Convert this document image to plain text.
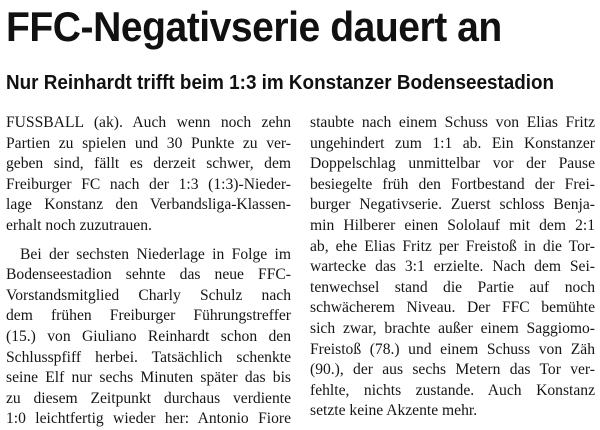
FFC-Negativserie dauert an
Nur Reinhardt trifft beim 1:3 im Konstanzer Bodenseestadion
FUSSBALL (ak). Auch wenn noch zehn
Partien zu spielen und 30 Punkte zu ver-
geben sind, fällt es derzeit schwer, dem
Freiburger FC nach der 1:3 (1:3)-Nieder-
lage Konstanz den Verbandsliga-Klassen-
erhalt noch zuzutrauen.
Bei der sechsten Niederlage in Folge im
Bodenseestadion sehnte das neue FFC-
Vorstandsmitglied Charly Schulz nach
dem frühen Freiburger Führungstreffer
(15.) von Giuliano Reinhardt schon den
Schlusspfiff herbei. Tatsächlich schenkte
seine Elf nur sechs Minuten später das bis
zu diesem Zeitpunkt durchaus verdiente
1:0 leichtfertig wieder her: Antonio Fiore
staubte nach einem Schuss von Elias Fritz
ungehindert zum 1:1 ab. Ein Konstanzer
Doppelschlag unmittelbar vor der Pause
besiegelte früh den Fortbestand der Frei-
burger Negativserie. Zuerst schloss Benja-
min Hilberer einen Sololauf mit dem 2:1
ab, ehe Elias Fritz per Freistoß in die Tor-
wartecke das 3:1 erzielte. Nach dem Sei-
tenwechsel stand die Partie auf noch
schwächerem Niveau. Der FFC bemühte
sich zwar, brachte außer einem Saggiomo-
Freistoß (78.) und einem Schuss von Zäh
(90.), der aus sechs Metern das Tor ver-
fehlte, nichts zustande. Auch Konstanz
setzte keine Akzente mehr.
